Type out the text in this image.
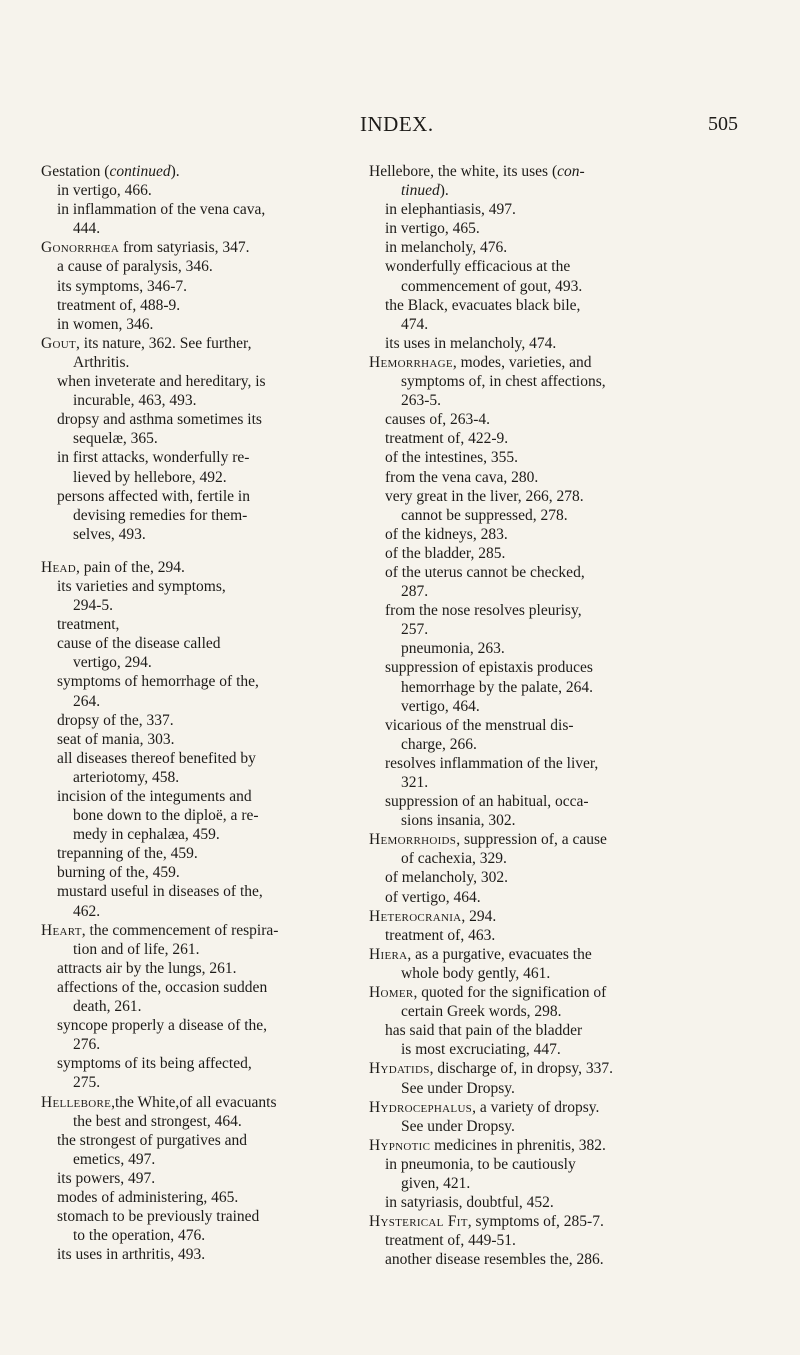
INDEX.	505
Gestation (continued).
in vertigo, 466.
in inflammation of the vena cava,
444.
Gonorrhœa from satyriasis, 347.
a cause of paralysis, 346.
its symptoms, 346-7.
treatment of, 488-9.
in women, 346.
Gout, its nature, 362. See further,
Arthritis.
when inveterate and hereditary, is
incurable, 463, 493.
dropsy and asthma sometimes its
sequelæ, 365.
in first attacks, wonderfully re-
lieved by hellebore, 492.
persons affected with, fertile in
devising remedies for them-
selves, 493.
Head, pain of the, 294.
its varieties and symptoms,
294-5.
treatment,
cause of the disease called
vertigo, 294.
symptoms of hemorrhage of the,
264.
dropsy of the, 337.
seat of mania, 303.
all diseases thereof benefited by
arteriotomy, 458.
incision of the integuments and
bone down to the diploë, a re-
medy in cephalæa, 459.
trepanning of the, 459.
burning of the, 459.
mustard useful in diseases of the,
462.
Heart, the commencement of respira-
tion and of life, 261.
attracts air by the lungs, 261.
affections of the, occasion sudden
death, 261.
syncope properly a disease of the,
276.
symptoms of its being affected,
275.
Hellebore,the White,of all evacuants
the best and strongest, 464.
the strongest of purgatives and
emetics, 497.
its powers, 497.
modes of administering, 465.
stomach to be previously trained
to the operation, 476.
its uses in arthritis, 493.
Hellebore, the white, its uses (con-
tinued).
in elephantiasis, 497.
in vertigo, 465.
in melancholy, 476.
wonderfully efficacious at the
commencement of gout, 493.
the Black, evacuates black bile,
474.
its uses in melancholy, 474.
Hemorrhage, modes, varieties, and
symptoms of, in chest affections,
263-5.
causes of, 263-4.
treatment of, 422-9.
of the intestines, 355.
from the vena cava, 280.
very great in the liver, 266, 278.
cannot be suppressed, 278.
of the kidneys, 283.
of the bladder, 285.
of the uterus cannot be checked,
287.
from the nose resolves pleurisy,
257.
pneumonia, 263.
suppression of epistaxis produces
hemorrhage by the palate, 264.
vertigo, 464.
vicarious of the menstrual dis-
charge, 266.
resolves inflammation of the liver,
321.
suppression of an habitual, occa-
sions insania, 302.
Hemorrhoids, suppression of, a cause
of cachexia, 329.
of melancholy, 302.
of vertigo, 464.
Heterocrania, 294.
treatment of, 463.
Hiera, as a purgative, evacuates the
whole body gently, 461.
Homer, quoted for the signification of
certain Greek words, 298.
has said that pain of the bladder
is most excruciating, 447.
Hydatids, discharge of, in dropsy, 337.
See under Dropsy.
Hydrocephalus, a variety of dropsy.
See under Dropsy.
Hypnotic medicines in phrenitis, 382.
in pneumonia, to be cautiously
given, 421.
in satyriasis, doubtful, 452.
Hysterical Fit, symptoms of, 285-7.
treatment of, 449-51.
another disease resembles the, 286.
